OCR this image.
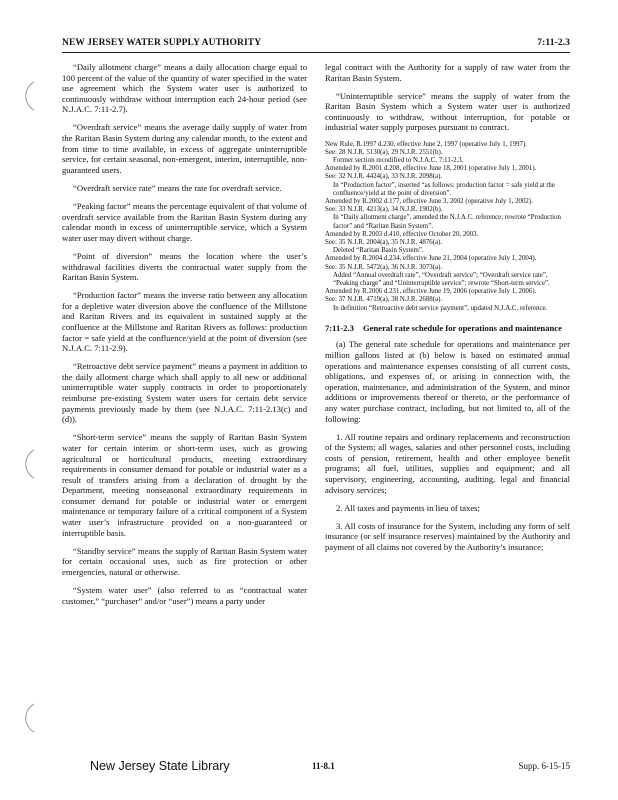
NEW JERSEY WATER SUPPLY AUTHORITY	7:11-2.3

“Daily allotment charge” means a daily allocation charge equal to 100 percent of the value of the quantity of water specified in the water use agreement which the System water user is authorized to continuously withdraw without interruption each 24-hour period (see N.J.A.C. 7:11-2.7).

“Overdraft service” means the average daily supply of water from the Raritan Basin System during any calendar month, to the extent and from time to time available, in excess of aggregate uninterruptible service, for certain seasonal, non-emergent, interim, interruptible, non-guaranteed users.

“Overdraft service rate” means the rate for overdraft service.

“Peaking factor” means the percentage equivalent of that volume of overdraft service available from the Raritan Basin System during any calendar month in excess of uninterruptible service, which a System water user may divert without charge.

“Point of diversion” means the location where the user’s withdrawal facilities diverts the contractual water supply from the Raritan Basin System.

“Production factor” means the inverse ratio between any allocation for a depletive water diversion above the confluence of the Millstone and Raritan Rivers and its equivalent in sustained supply at the confluence at the Millstone and Raritan Rivers as follows: production factor = safe yield at the confluence/yield at the point of diversion (see N.J.A.C. 7:11-2.9).

“Retroactive debt service payment” means a payment in addition to the daily allotment charge which shall apply to all new or additional uninterruptible water supply contracts in order to proportionately reimburse pre-existing System water users for certain debt service payments previously made by them (see N.J.A.C. 7:11-2.13(c) and (d)).

“Short-term service” means the supply of Raritan Basin System water for certain interim or short-term uses, such as growing agricultural or horticultural products, meeting extraordinary requirements in consumer demand for potable or industrial water as a result of transfers arising from a declaration of drought by the Department, meeting nonseasonal extraordinary requirements in consumer demand for potable or industrial water or emergent maintenance or temporary failure of a critical component of a System water user’s infrastructure provided on a non-guaranteed or interruptible basis.

“Standby service” means the supply of Raritan Basin System water for certain occasional uses, such as fire protection or other emergencies, natural or otherwise.

“System water user” (also referred to as “contractual water customer,” “purchaser” and/or “user”) means a party under

legal contract with the Authority for a supply of raw water from the Raritan Basin System.

“Uninterruptible service” means the supply of water from the Raritan Basin System which a System water user is authorized continuously to withdraw, without interruption, for potable or industrial water supply purposes pursuant to contract.

New Rule, R.1997 d.230, effective June 2, 1997 (operative July 1, 1997).
See: 28 N.J.R. 5130(a), 29 N.J.R. 2551(b).
Former section recodified to N.J.A.C. 7:11-2.3.
Amended by R.2001 d.208, effective June 18, 2001 (operative July 1, 2001).
See: 32 N.J.R. 4424(a), 33 N.J.R. 2098(a).
In “Production factor”, inserted “as follows: production factor = safe yield at the confluence/yield at the point of diversion”.
Amended by R.2002 d.177, effective June 3, 2002 (operative July 1, 2002).
See: 33 N.J.R. 4213(a), 34 N.J.R. 1902(b).
In “Daily allotment charge”, amended the N.J.A.C. reference; rewrote “Production factor” and “Raritan Basin System”.
Amended by R.2003 d.410, effective October 20, 2003.
See: 35 N.J.R. 2004(a), 35 N.J.R. 4876(a).
Deleted “Raritan Basin System”.
Amended by R.2004 d.234, effective June 21, 2004 (operative July 1, 2004).
See: 35 N.J.R. 5472(a), 36 N.J.R. 3073(a).
Added “Annual overdraft rate”, “Overdraft service”; “Overdraft service rate”, “Peaking charge” and “Uninterruptible service”; rewrote “Short-term service”.
Amended by R.2006 d.231, effective June 19, 2006 (operative July 1, 2006).
See: 37 N.J.R. 4719(a), 38 N.J.R. 2688(a).
In definition “Retroactive debt service payment”, updated N.J.A.C. reference.
7:11-2.3	General rate schedule for operations and maintenance

(a) The general rate schedule for operations and maintenance per million gallons listed at (b) below is based on estimated annual operations and maintenance expenses consisting of all current costs, obligations, and expenses of, or arising in connection with, the operation, maintenance, and administration of the System, and minor additions or improvements thereof or thereto, or the performance of any water purchase contract, including, but not limited to, all of the following:

1. All routine repairs and ordinary replacements and reconstruction of the System; all wages, salaries and other personnel costs, including costs of pension, retirement, health and other employee benefit programs; all fuel, utilities, supplies and equipment; and all supervisory, engineering, accounting, auditing, legal and financial advisory services;

2. All taxes and payments in lieu of taxes;

3. All costs of insurance for the System, including any form of self insurance (or self insurance reserves) maintained by the Authority and payment of all claims not covered by the Authority’s insurance;

New Jersey State Library	11-8.1	Supp. 6-15-15
